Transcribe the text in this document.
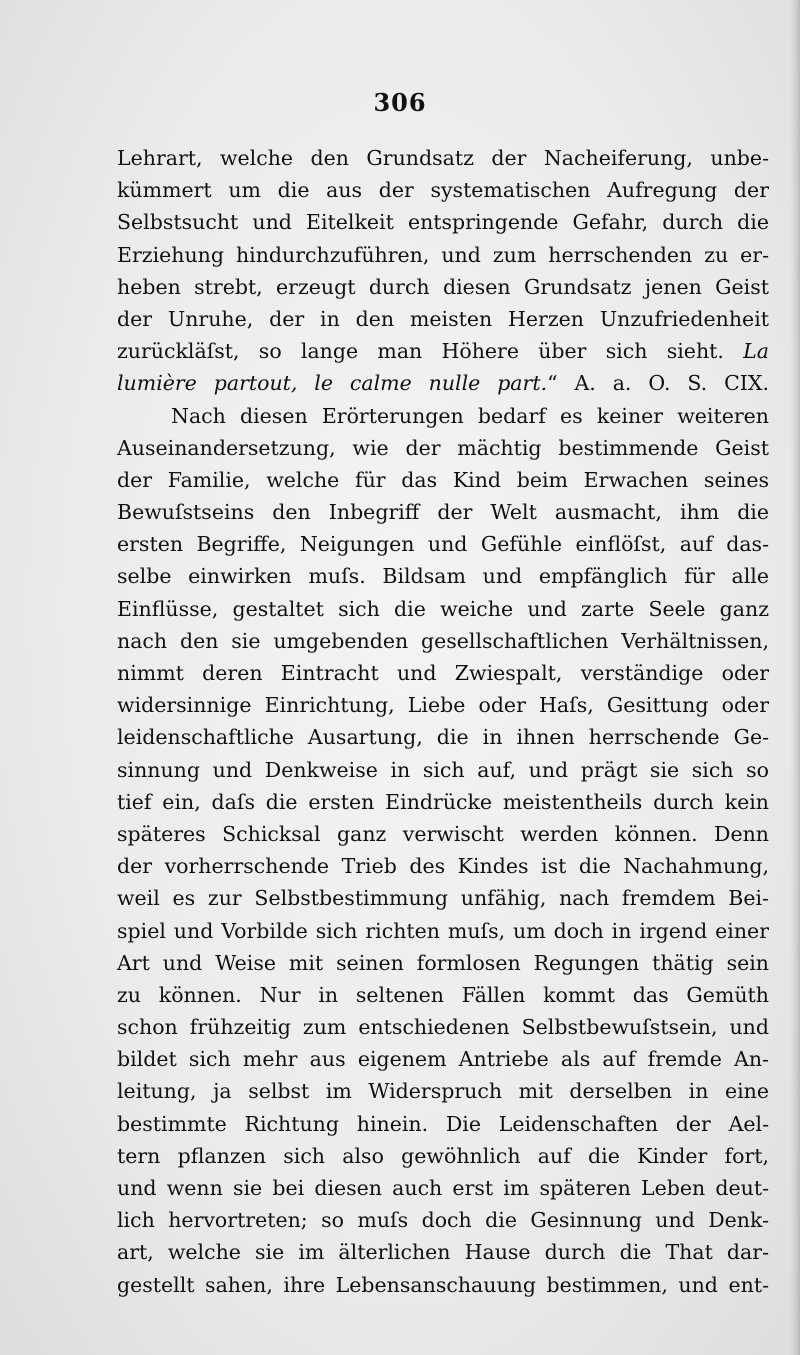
306
Lehrart, welche den Grundsatz der Nacheiferung, unbe-
kümmert um die aus der systematischen Aufregung der
Selbstsucht und Eitelkeit entspringende Gefahr, durch die
Erziehung hindurchzuführen, und zum herrschenden zu er-
heben strebt, erzeugt durch diesen Grundsatz jenen Geist
der Unruhe, der in den meisten Herzen Unzufriedenheit
zurückläſst, so lange man Höhere über sich sieht. La
lumière partout, le calme nulle part.“ A. a. O. S. CIX.
Nach diesen Erörterungen bedarf es keiner weiteren
Auseinandersetzung, wie der mächtig bestimmende Geist
der Familie, welche für das Kind beim Erwachen seines
Bewuſstseins den Inbegriff der Welt ausmacht, ihm die
ersten Begriffe, Neigungen und Gefühle einflöſst, auf das-
selbe einwirken muſs. Bildsam und empfänglich für alle
Einflüsse, gestaltet sich die weiche und zarte Seele ganz
nach den sie umgebenden gesellschaftlichen Verhältnissen,
nimmt deren Eintracht und Zwiespalt, verständige oder
widersinnige Einrichtung, Liebe oder Haſs, Gesittung oder
leidenschaftliche Ausartung, die in ihnen herrschende Ge-
sinnung und Denkweise in sich auf, und prägt sie sich so
tief ein, daſs die ersten Eindrücke meistentheils durch kein
späteres Schicksal ganz verwischt werden können. Denn
der vorherrschende Trieb des Kindes ist die Nachahmung,
weil es zur Selbstbestimmung unfähig, nach fremdem Bei-
spiel und Vorbilde sich richten muſs, um doch in irgend einer
Art und Weise mit seinen formlosen Regungen thätig sein
zu können. Nur in seltenen Fällen kommt das Gemüth
schon frühzeitig zum entschiedenen Selbstbewuſstsein, und
bildet sich mehr aus eigenem Antriebe als auf fremde An-
leitung, ja selbst im Widerspruch mit derselben in eine
bestimmte Richtung hinein. Die Leidenschaften der Ael-
tern pflanzen sich also gewöhnlich auf die Kinder fort,
und wenn sie bei diesen auch erst im späteren Leben deut-
lich hervortreten; so muſs doch die Gesinnung und Denk-
art, welche sie im älterlichen Hause durch die That dar-
gestellt sahen, ihre Lebensanschauung bestimmen, und ent-
